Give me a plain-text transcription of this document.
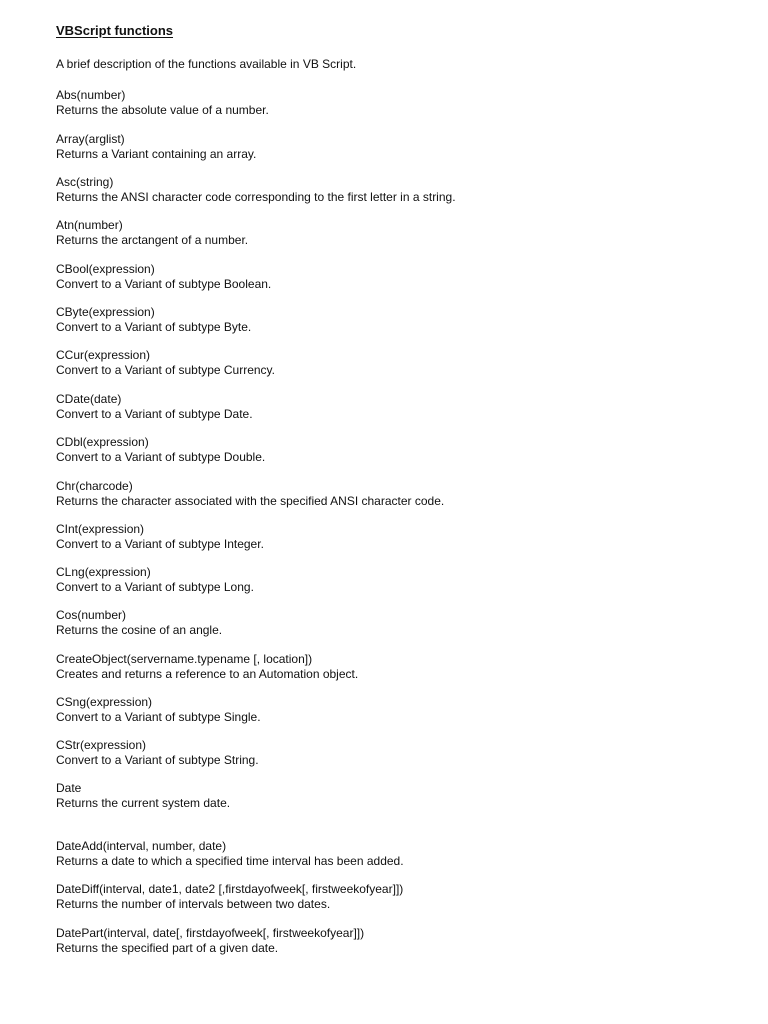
VBScript functions
A brief description of the functions available in VB Script.
Abs(number)
Returns the absolute value of a number.
Array(arglist)
Returns a Variant containing an array.
Asc(string)
Returns the ANSI character code corresponding to the first letter in a string.
Atn(number)
Returns the arctangent of a number.
CBool(expression)
Convert to a Variant of subtype Boolean.
CByte(expression)
Convert to a Variant of subtype Byte.
CCur(expression)
Convert to a Variant of subtype Currency.
CDate(date)
Convert to a Variant of subtype Date.
CDbl(expression)
Convert to a Variant of subtype Double.
Chr(charcode)
Returns the character associated with the specified ANSI character code.
CInt(expression)
Convert to a Variant of subtype Integer.
CLng(expression)
Convert to a Variant of subtype Long.
Cos(number)
Returns the cosine of an angle.
CreateObject(servername.typename [, location])
Creates and returns a reference to an Automation object.
CSng(expression)
Convert to a Variant of subtype Single.
CStr(expression)
Convert to a Variant of subtype String.
Date
Returns the current system date.
DateAdd(interval, number, date)
Returns a date to which a specified time interval has been added.
DateDiff(interval, date1, date2 [,firstdayofweek[, firstweekofyear]])
Returns the number of intervals between two dates.
DatePart(interval, date[, firstdayofweek[, firstweekofyear]])
Returns the specified part of a given date.
